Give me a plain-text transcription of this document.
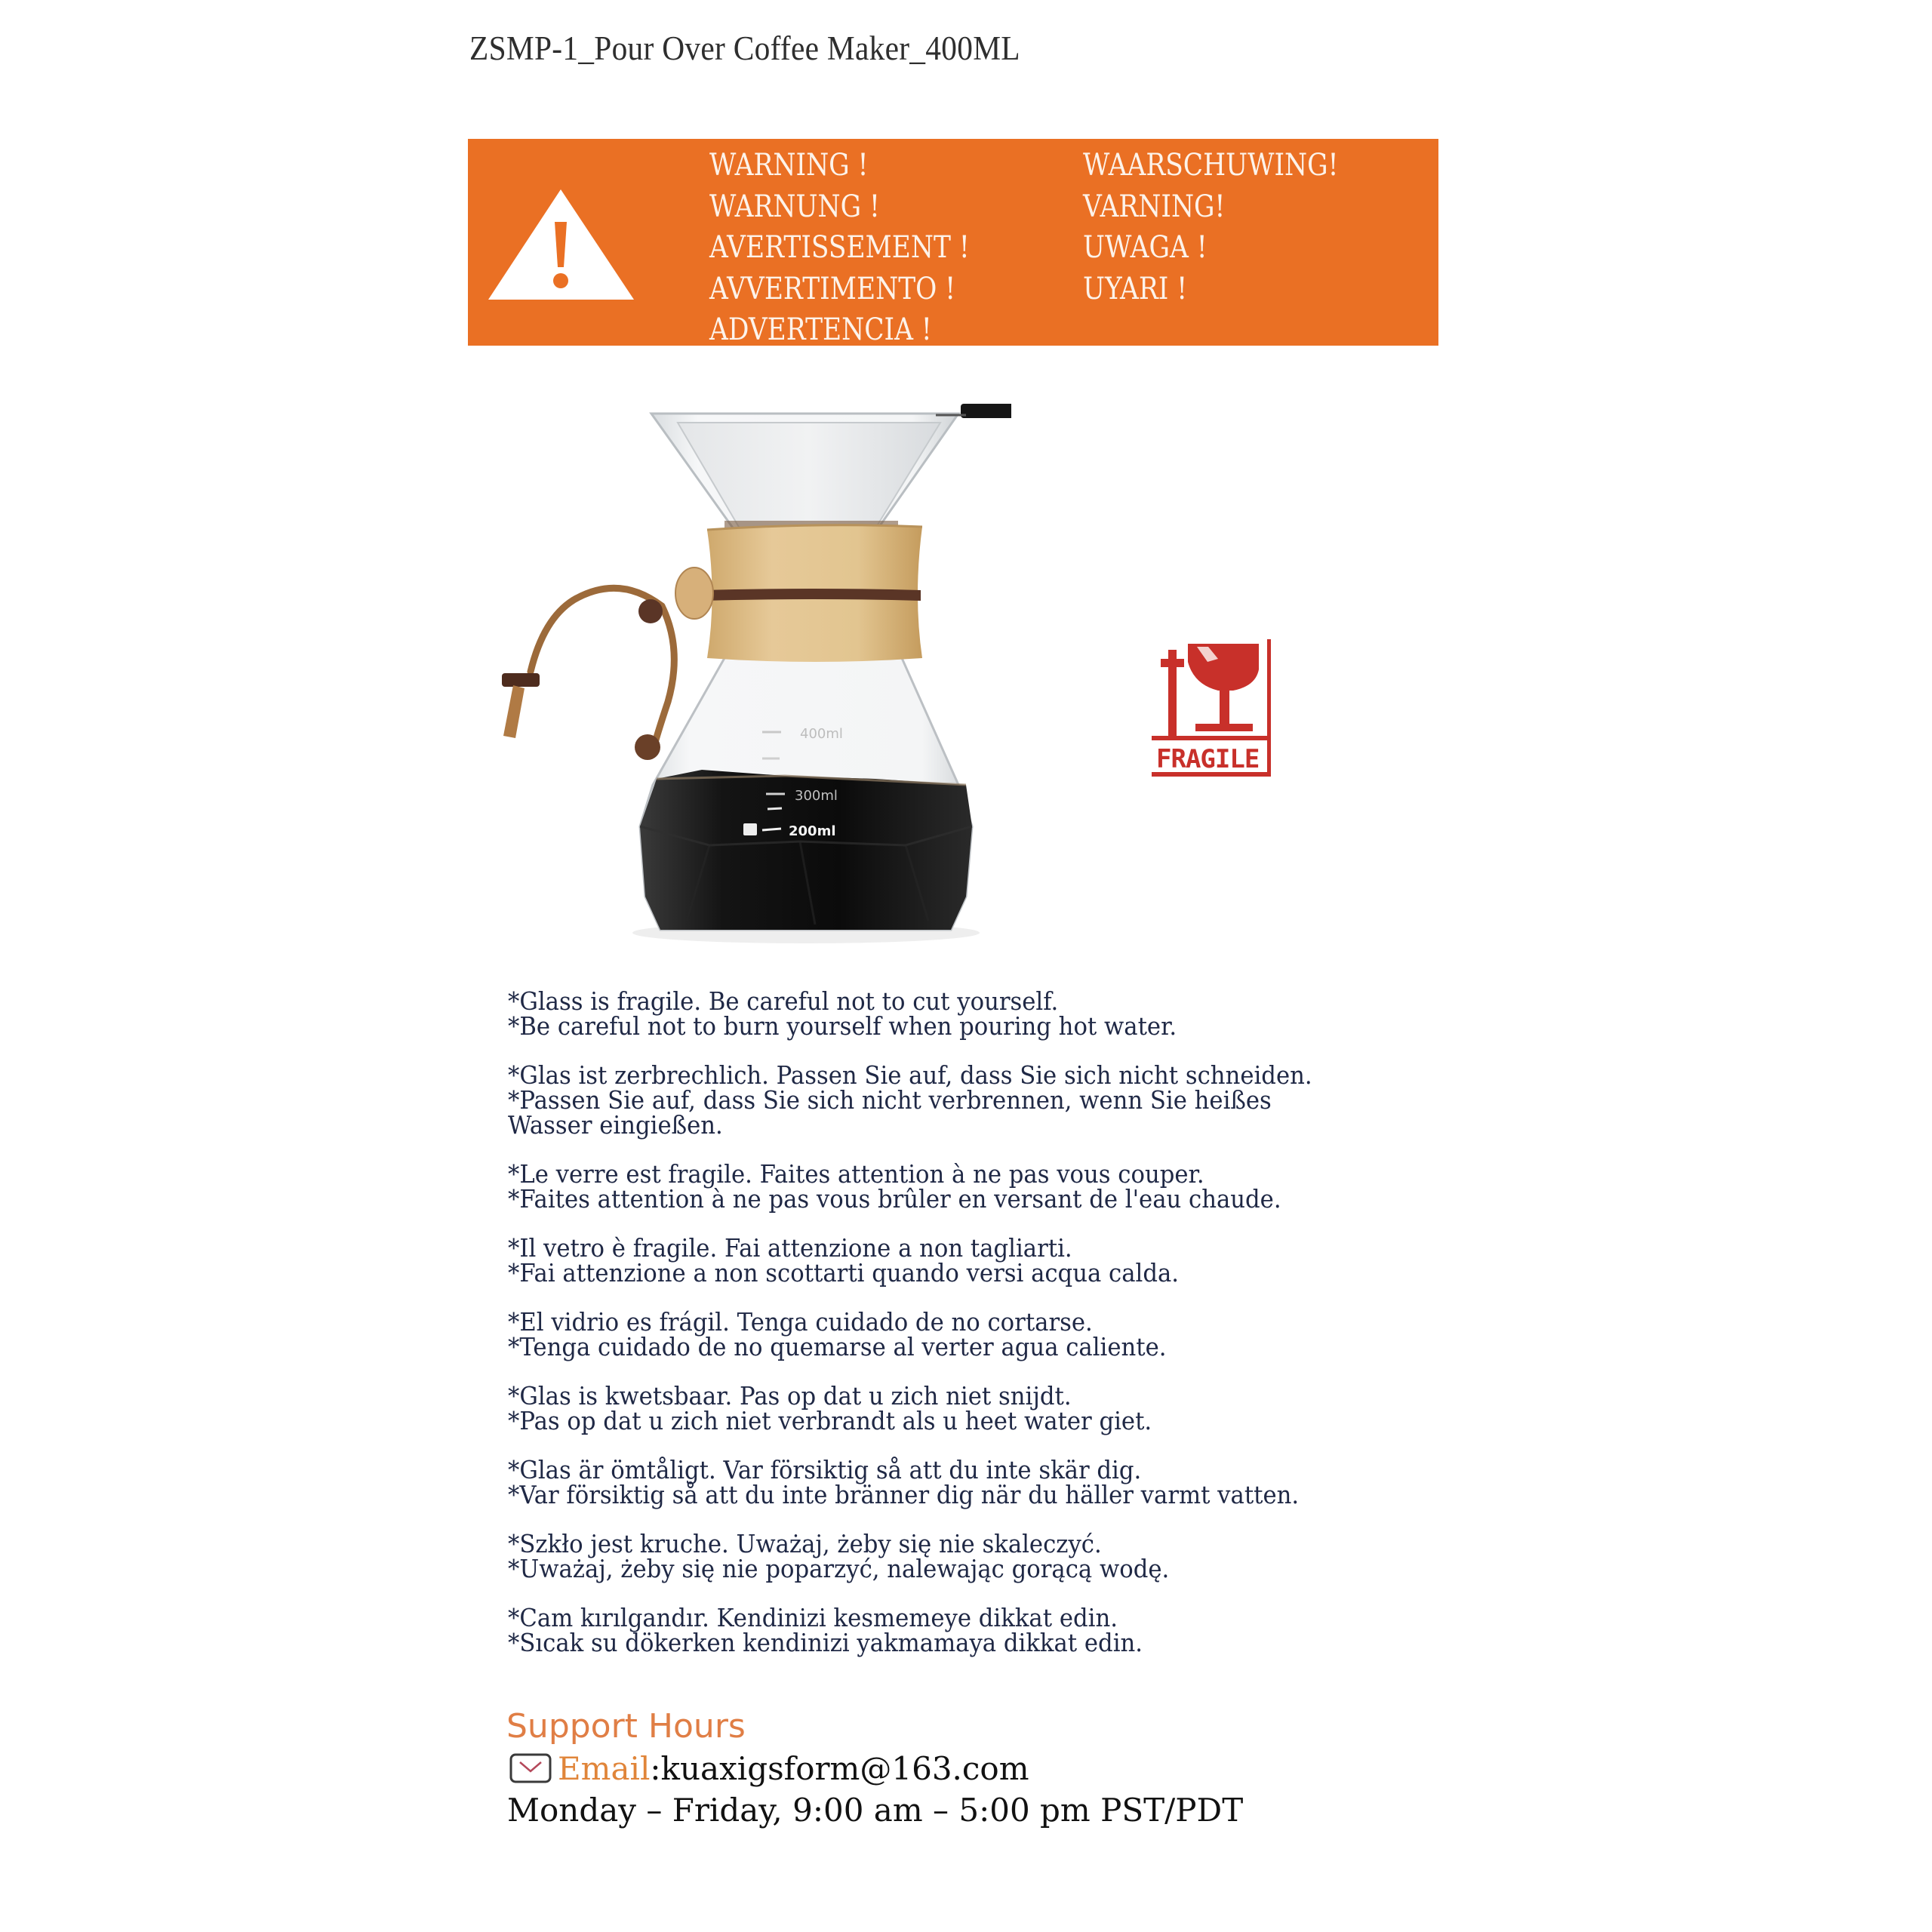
ZSMP-1_Pour Over Coffee Maker_400ML
WARNING !
WARNUNG !
AVERTISSEMENT !
AVVERTIMENTO !
ADVERTENCIA !
WAARSCHUWING!
VARNING!
UWAGA !
UYARI !
400ml
300ml
200ml
FRAGILE
*Glass is fragile. Be careful not to cut yourself.
*Be careful not to burn yourself when pouring hot water.
*Glas ist zerbrechlich. Passen Sie auf, dass Sie sich nicht schneiden.
*Passen Sie auf, dass Sie sich nicht verbrennen, wenn Sie heißes
Wasser eingießen.
*Le verre est fragile. Faites attention à ne pas vous couper.
*Faites attention à ne pas vous brûler en versant de l'eau chaude.
*Il vetro è fragile. Fai attenzione a non tagliarti.
*Fai attenzione a non scottarti quando versi acqua calda.
*El vidrio es frágil. Tenga cuidado de no cortarse.
*Tenga cuidado de no quemarse al verter agua caliente.
*Glas is kwetsbaar. Pas op dat u zich niet snijdt.
*Pas op dat u zich niet verbrandt als u heet water giet.
*Glas är ömtåligt. Var försiktig så att du inte skär dig.
*Var försiktig så att du inte bränner dig när du häller varmt vatten.
*Szkło jest kruche. Uważaj, żeby się nie skaleczyć.
*Uważaj, żeby się nie poparzyć, nalewając gorącą wodę.
*Cam kırılgandır. Kendinizi kesmemeye dikkat edin.
*Sıcak su dökerken kendinizi yakmamaya dikkat edin.
Support Hours
Email : kuaxigsform@163.com
Monday – Friday, 9:00 am – 5:00 pm PST/PDT
